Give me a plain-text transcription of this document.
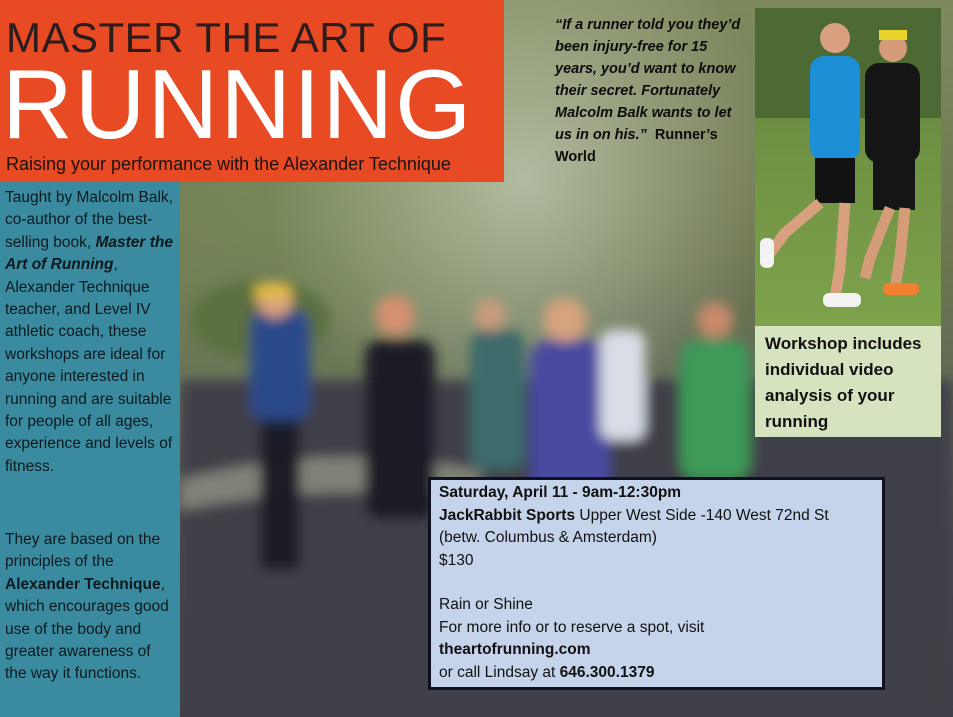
MASTER THE ART OF
RUNNING
Raising your performance with the Alexander Technique
“If a runner told you they’d been injury-free for 15 years, you’d want to know their secret. Fortunately Malcolm Balk wants to let us in on his.” Runner’s World
Taught by Malcolm Balk, co-author of the best-selling book, Master the Art of Running, Alexander Technique teacher, and Level IV athletic coach, these workshops are ideal for anyone interested in running and are suitable for people of all ages, experience and levels of fitness.
They are based on the principles of the Alexander Technique, which encourages good use of the body and greater awareness of the way it functions.
Workshop includes individual video analysis of your running
Saturday, April 11 - 9am-12:30pm
JackRabbit Sports Upper West Side -140 West 72nd St
(betw. Columbus & Amsterdam)
$130
Rain or Shine
For more info or to reserve a spot, visit
theartofrunning.com
or call Lindsay at 646.300.1379
